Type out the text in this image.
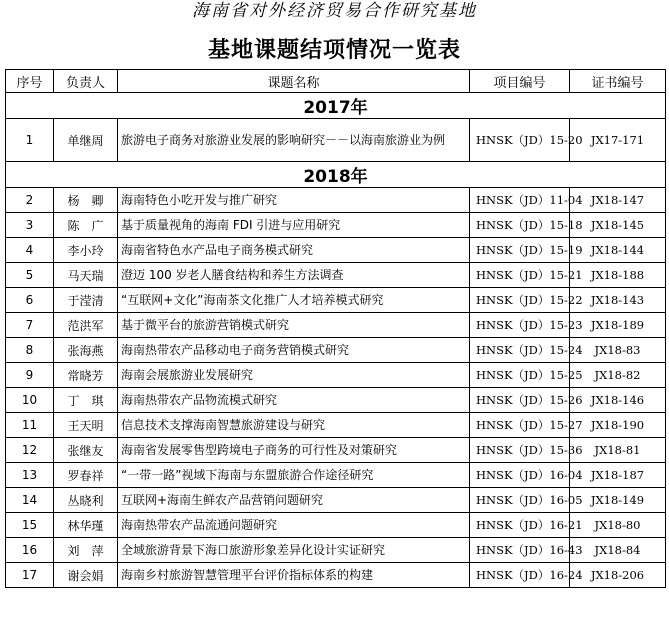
海南省对外经济贸易合作研究基地
基地课题结项情况一览表
序号	负责人	课题名称	项目编号	证书编号
2017年				
1	单继周	旅游电子商务对旅游业发展的影响研究－－以海南旅游业为例	HNSK（JD）15-20	JX17-171
2018年				
2	杨　卿	海南特色小吃开发与推广研究	HNSK（JD）11-04	JX18-147
3	陈　广	基于质量视角的海南 FDI 引进与应用研究	HNSK（JD）15-18	JX18-145
4	李小玲	海南省特色水产品电子商务模式研究	HNSK（JD）15-19	JX18-144
5	马天瑞	澄迈 100 岁老人膳食结构和养生方法调查	HNSK（JD）15-21	JX18-188
6	于滢清	“互联网+文化”海南茶文化推广人才培养模式研究	HNSK（JD）15-22	JX18-143
7	范洪军	基于微平台的旅游营销模式研究	HNSK（JD）15-23	JX18-189
8	张海燕	海南热带农产品移动电子商务营销模式研究	HNSK（JD）15-24	JX18-83
9	常晓芳	海南会展旅游业发展研究	HNSK（JD）15-25	JX18-82
10	丁　琪	海南热带农产品物流模式研究	HNSK（JD）15-26	JX18-146
11	王天明	信息技术支撑海南智慧旅游建设与研究	HNSK（JD）15-27	JX18-190
12	张继友	海南省发展零售型跨境电子商务的可行性及对策研究	HNSK（JD）15-36	JX18-81
13	罗春祥	“一带一路”视域下海南与东盟旅游合作途径研究	HNSK（JD）16-04	JX18-187
14	丛晓利	互联网+海南生鲜农产品营销问题研究	HNSK（JD）16-05	JX18-149
15	林华瑾	海南热带农产品流通问题研究	HNSK（JD）16-21	JX18-80
16	刘　萍	全域旅游背景下海口旅游形象差异化设计实证研究	HNSK（JD）16-43	JX18-84
17	谢会娟	海南乡村旅游智慧管理平台评价指标体系的构建	HNSK（JD）16-24	JX18-206
